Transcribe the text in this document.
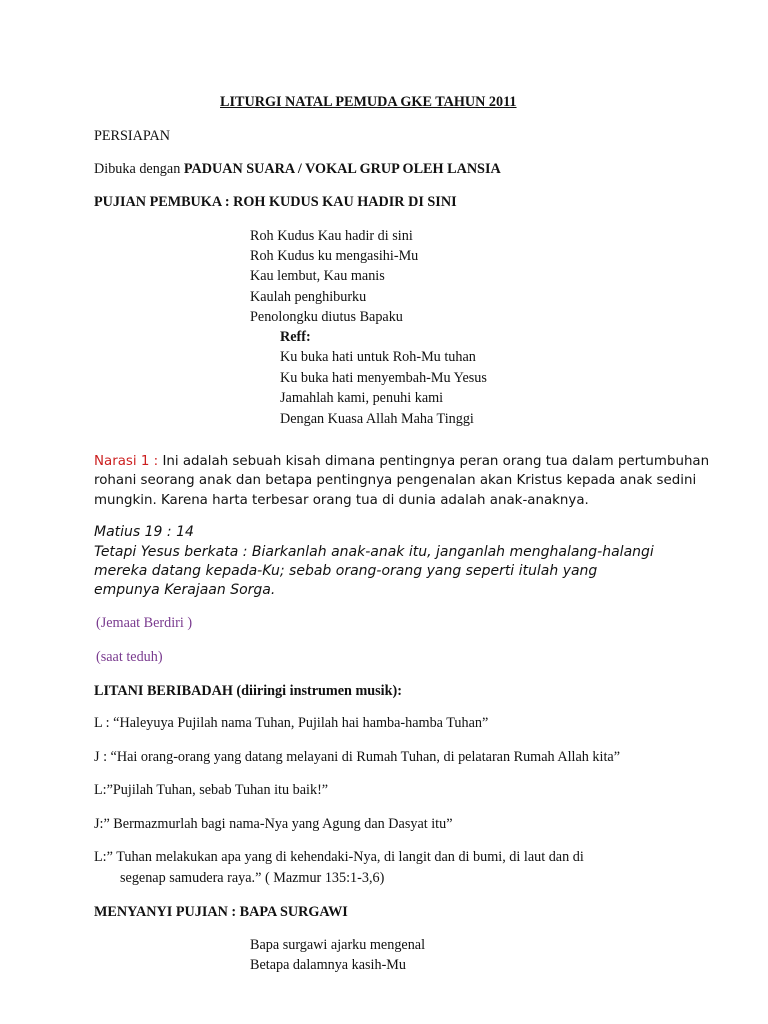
LITURGI NATAL PEMUDA GKE TAHUN 2011
PERSIAPAN
Dibuka dengan PADUAN SUARA / VOKAL GRUP OLEH LANSIA
PUJIAN PEMBUKA : ROH KUDUS KAU HADIR DI SINI
Roh Kudus Kau hadir di sini
Roh Kudus ku mengasihi-Mu
Kau lembut, Kau manis
Kaulah penghiburku
Penolongku diutus Bapaku
Reff:
Ku buka hati untuk Roh-Mu tuhan
Ku buka hati menyembah-Mu Yesus
Jamahlah kami, penuhi kami
Dengan Kuasa Allah Maha Tinggi
Narasi 1 : Ini adalah sebuah kisah dimana pentingnya peran orang tua dalam pertumbuhan
rohani seorang anak dan betapa pentingnya pengenalan akan Kristus kepada anak sedini
mungkin. Karena harta terbesar orang tua di dunia adalah anak-anaknya.
Matius 19 : 14
Tetapi Yesus berkata : Biarkanlah anak-anak itu, janganlah menghalang-halangi
mereka datang kepada-Ku; sebab orang-orang yang seperti itulah yang
empunya Kerajaan Sorga.
(Jemaat Berdiri )
(saat teduh)
LITANI BERIBADAH (diiringi instrumen musik):
L : “Haleyuya Pujilah nama Tuhan, Pujilah hai hamba-hamba Tuhan”
J : “Hai orang-orang yang datang melayani di Rumah Tuhan, di pelataran Rumah Allah kita”
L:”Pujilah Tuhan, sebab Tuhan itu baik!”
J:” Bermazmurlah bagi nama-Nya yang Agung dan Dasyat itu”
L:” Tuhan melakukan apa yang di kehendaki-Nya, di langit dan di bumi, di laut dan di
segenap samudera raya.” ( Mazmur 135:1-3,6)
MENYANYI PUJIAN : BAPA SURGAWI
Bapa surgawi ajarku mengenal
Betapa dalamnya kasih-Mu
